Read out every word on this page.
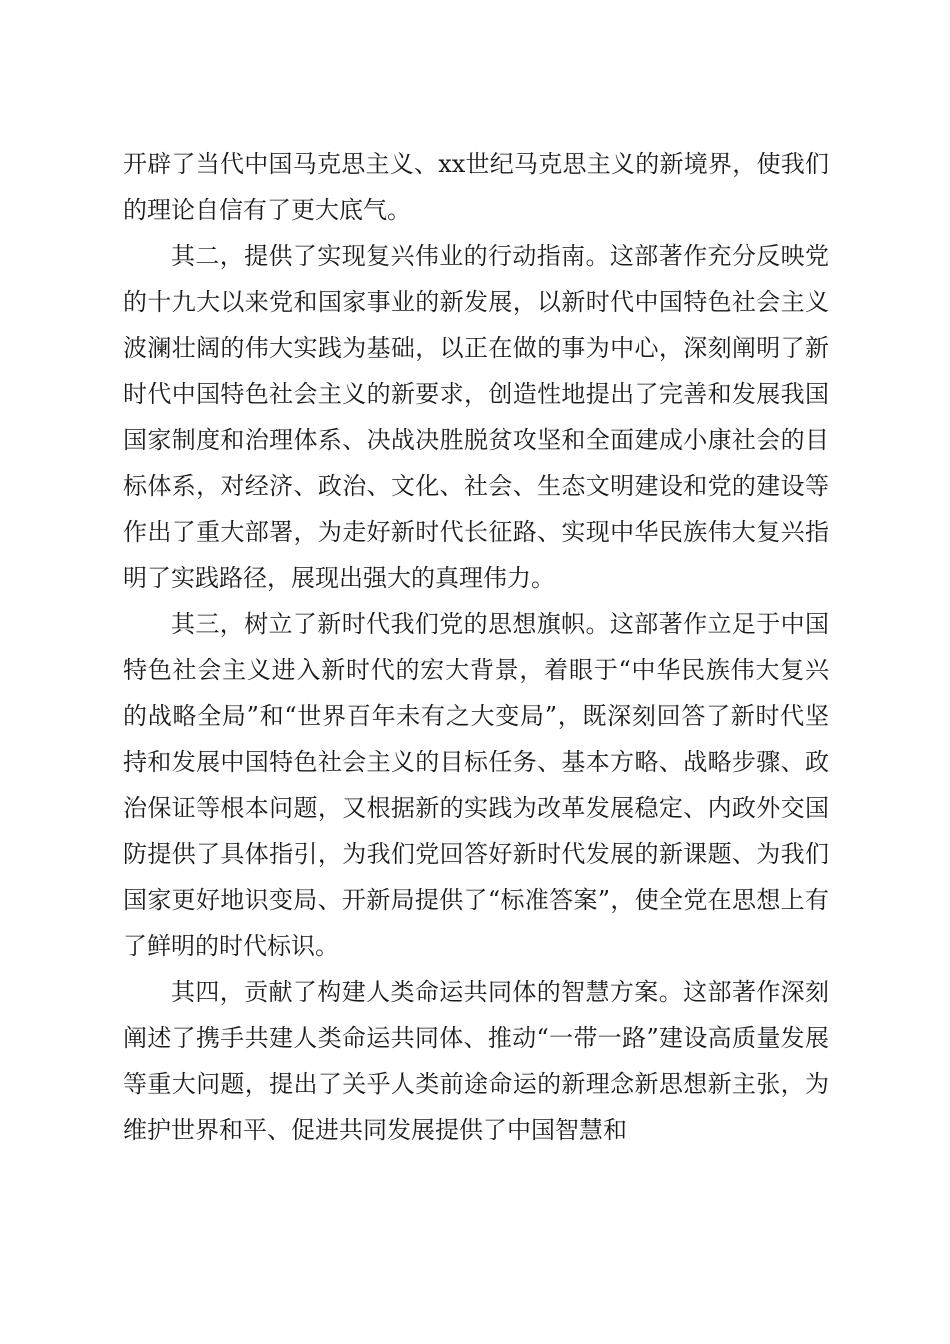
开辟了当代中国马克思主义、xx世纪马克思主义的新境界，使我们的理论自信有了更大底气。

其二，提供了实现复兴伟业的行动指南。这部著作充分反映党的十九大以来党和国家事业的新发展，以新时代中国特色社会主义波澜壮阔的伟大实践为基础，以正在做的事为中心，深刻阐明了新时代中国特色社会主义的新要求，创造性地提出了完善和发展我国国家制度和治理体系、决战决胜脱贫攻坚和全面建成小康社会的目标体系，对经济、政治、文化、社会、生态文明建设和党的建设等作出了重大部署，为走好新时代长征路、实现中华民族伟大复兴指明了实践路径，展现出强大的真理伟力。

其三，树立了新时代我们党的思想旗帜。这部著作立足于中国特色社会主义进入新时代的宏大背景，着眼于“中华民族伟大复兴的战略全局”和“世界百年未有之大变局”，既深刻回答了新时代坚持和发展中国特色社会主义的目标任务、基本方略、战略步骤、政治保证等根本问题，又根据新的实践为改革发展稳定、内政外交国防提供了具体指引，为我们党回答好新时代发展的新课题、为我们国家更好地识变局、开新局提供了“标准答案”，使全党在思想上有了鲜明的时代标识。

其四，贡献了构建人类命运共同体的智慧方案。这部著作深刻阐述了携手共建人类命运共同体、推动“一带一路”建设高质量发展等重大问题，提出了关乎人类前途命运的新理念新思想新主张，为维护世界和平、促进共同发展提供了中国智慧和
